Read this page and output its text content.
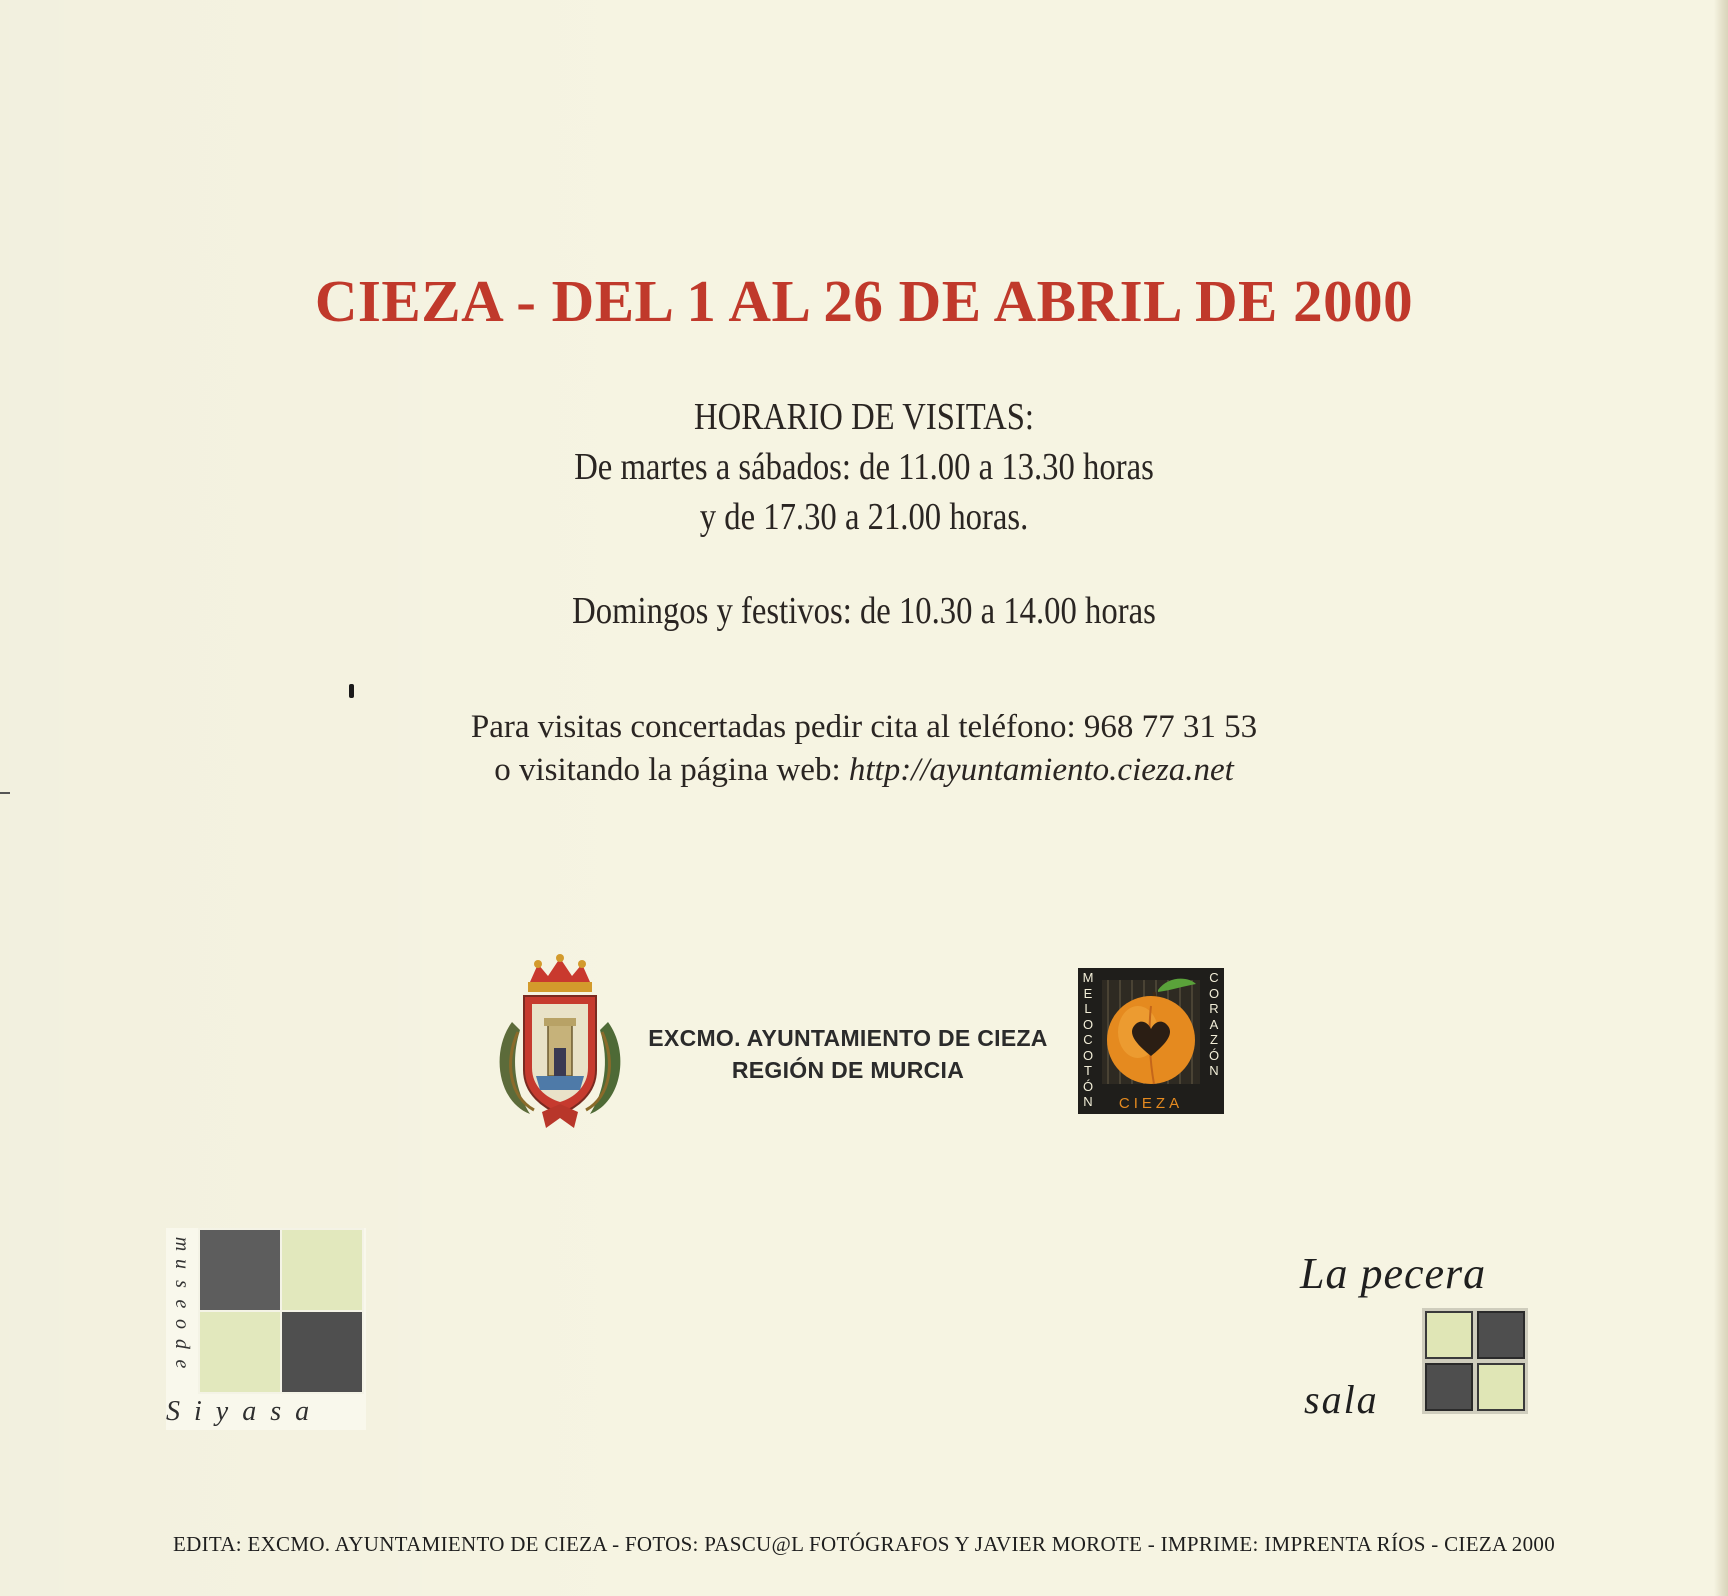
CIEZA - DEL 1 AL 26 DE ABRIL DE 2000
HORARIO DE VISITAS:
De martes a sábados: de 11.00 a 13.30 horas
y de 17.30 a 21.00 horas.
Domingos y festivos: de 10.30 a 14.00 horas
Para visitas concertadas pedir cita al teléfono: 968 77 31 53
o visitando la página web: http://ayuntamiento.cieza.net
EXCMO. AYUNTAMIENTO DE CIEZA
REGIÓN DE MURCIA
M
E
L
O
C
O
T
Ó
N
C
O
R
A
Z
Ó
N
CIEZA
m
u
s
e
o
d
e
Siyasa
La pecera
sala
EDITA: EXCMO. AYUNTAMIENTO DE CIEZA - FOTOS: PASCU@L FOTÓGRAFOS Y JAVIER MOROTE - IMPRIME: IMPRENTA RÍOS - CIEZA 2000
